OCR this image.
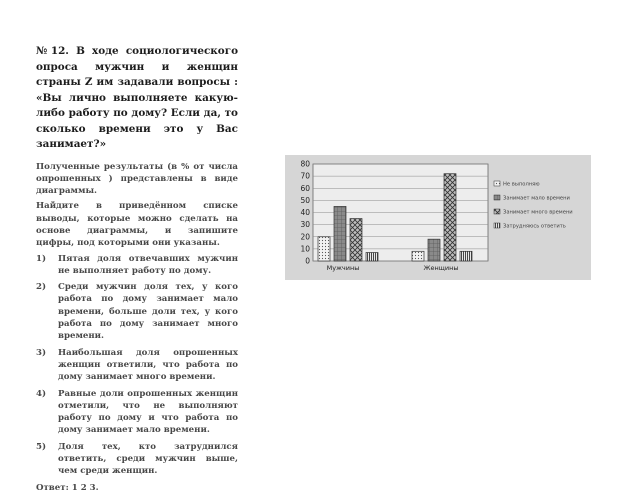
№12. В ходе социологического опроса мужчин и женщин страны Z им задавали вопросы : «Вы лично выполняете какую-либо работу по дому? Если да, то сколько времени это у Вас занимает?»

Полученные результаты (в % от числа опрошенных ) представлены в виде диаграммы.

Найдите в приведённом списке выводы, которые можно сделать на основе диаграммы, и запишите цифры, под которыми они указаны.

1) Пятая доля отвечавших мужчин не выполняет работу по дому.
2) Среди мужчин доля тех, у кого работа по дому занимает мало времени, больше доли тех, у кого работа по дому занимает много времени.
3) Наибольшая доля опрошенных женщин ответили, что работа по дому занимает много времени.
4) Равные доли опрошенных женщин отметили, что не выполняют работу по дому и что работа по дому занимает мало времени.
5) Доля тех, кто затруднился ответить, среди мужчин выше, чем среди женщин.
Ответ: 1 2 3.
80
70
60
50
40
30
20
10
0
Мужчины	Женщины
Не выполняю
Занимает мало времени
Занимает много времени
Затрудняюсь ответить
